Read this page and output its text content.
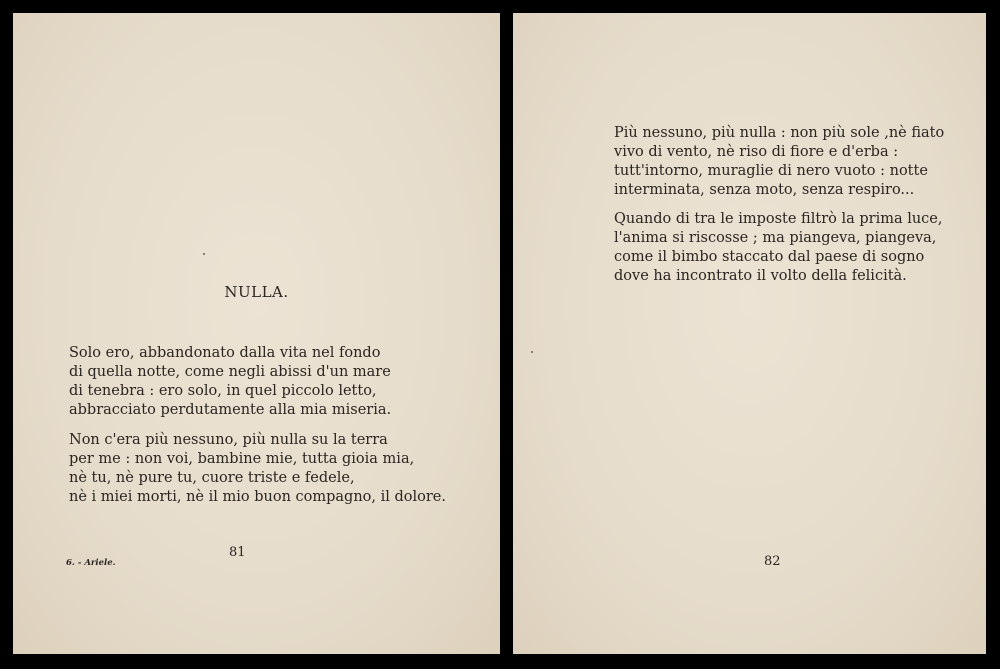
NULLA.
Solo ero, abbandonato dalla vita nel fondo
di quella notte, come negli abissi d'un mare
di tenebra : ero solo, in quel piccolo letto,
abbracciato perdutamente alla mia miseria.
Non c'era più nessuno, più nulla su la terra
per me : non voi, bambine mie, tutta gioia mia,
nè tu, nè pure tu, cuore triste e fedele,
nè i miei morti, nè il mio buon compagno, il dolore.
81
6. - Ariele.
Più nessuno, più nulla : non più sole ,nè fiato
vivo di vento, nè riso di fiore e d'erba :
tutt'intorno, muraglie di nero vuoto : notte
interminata, senza moto, senza respiro...
Quando di tra le imposte filtrò la prima luce,
l'anima si riscosse ; ma piangeva, piangeva,
come il bimbo staccato dal paese di sogno
dove ha incontrato il volto della felicità.
82
